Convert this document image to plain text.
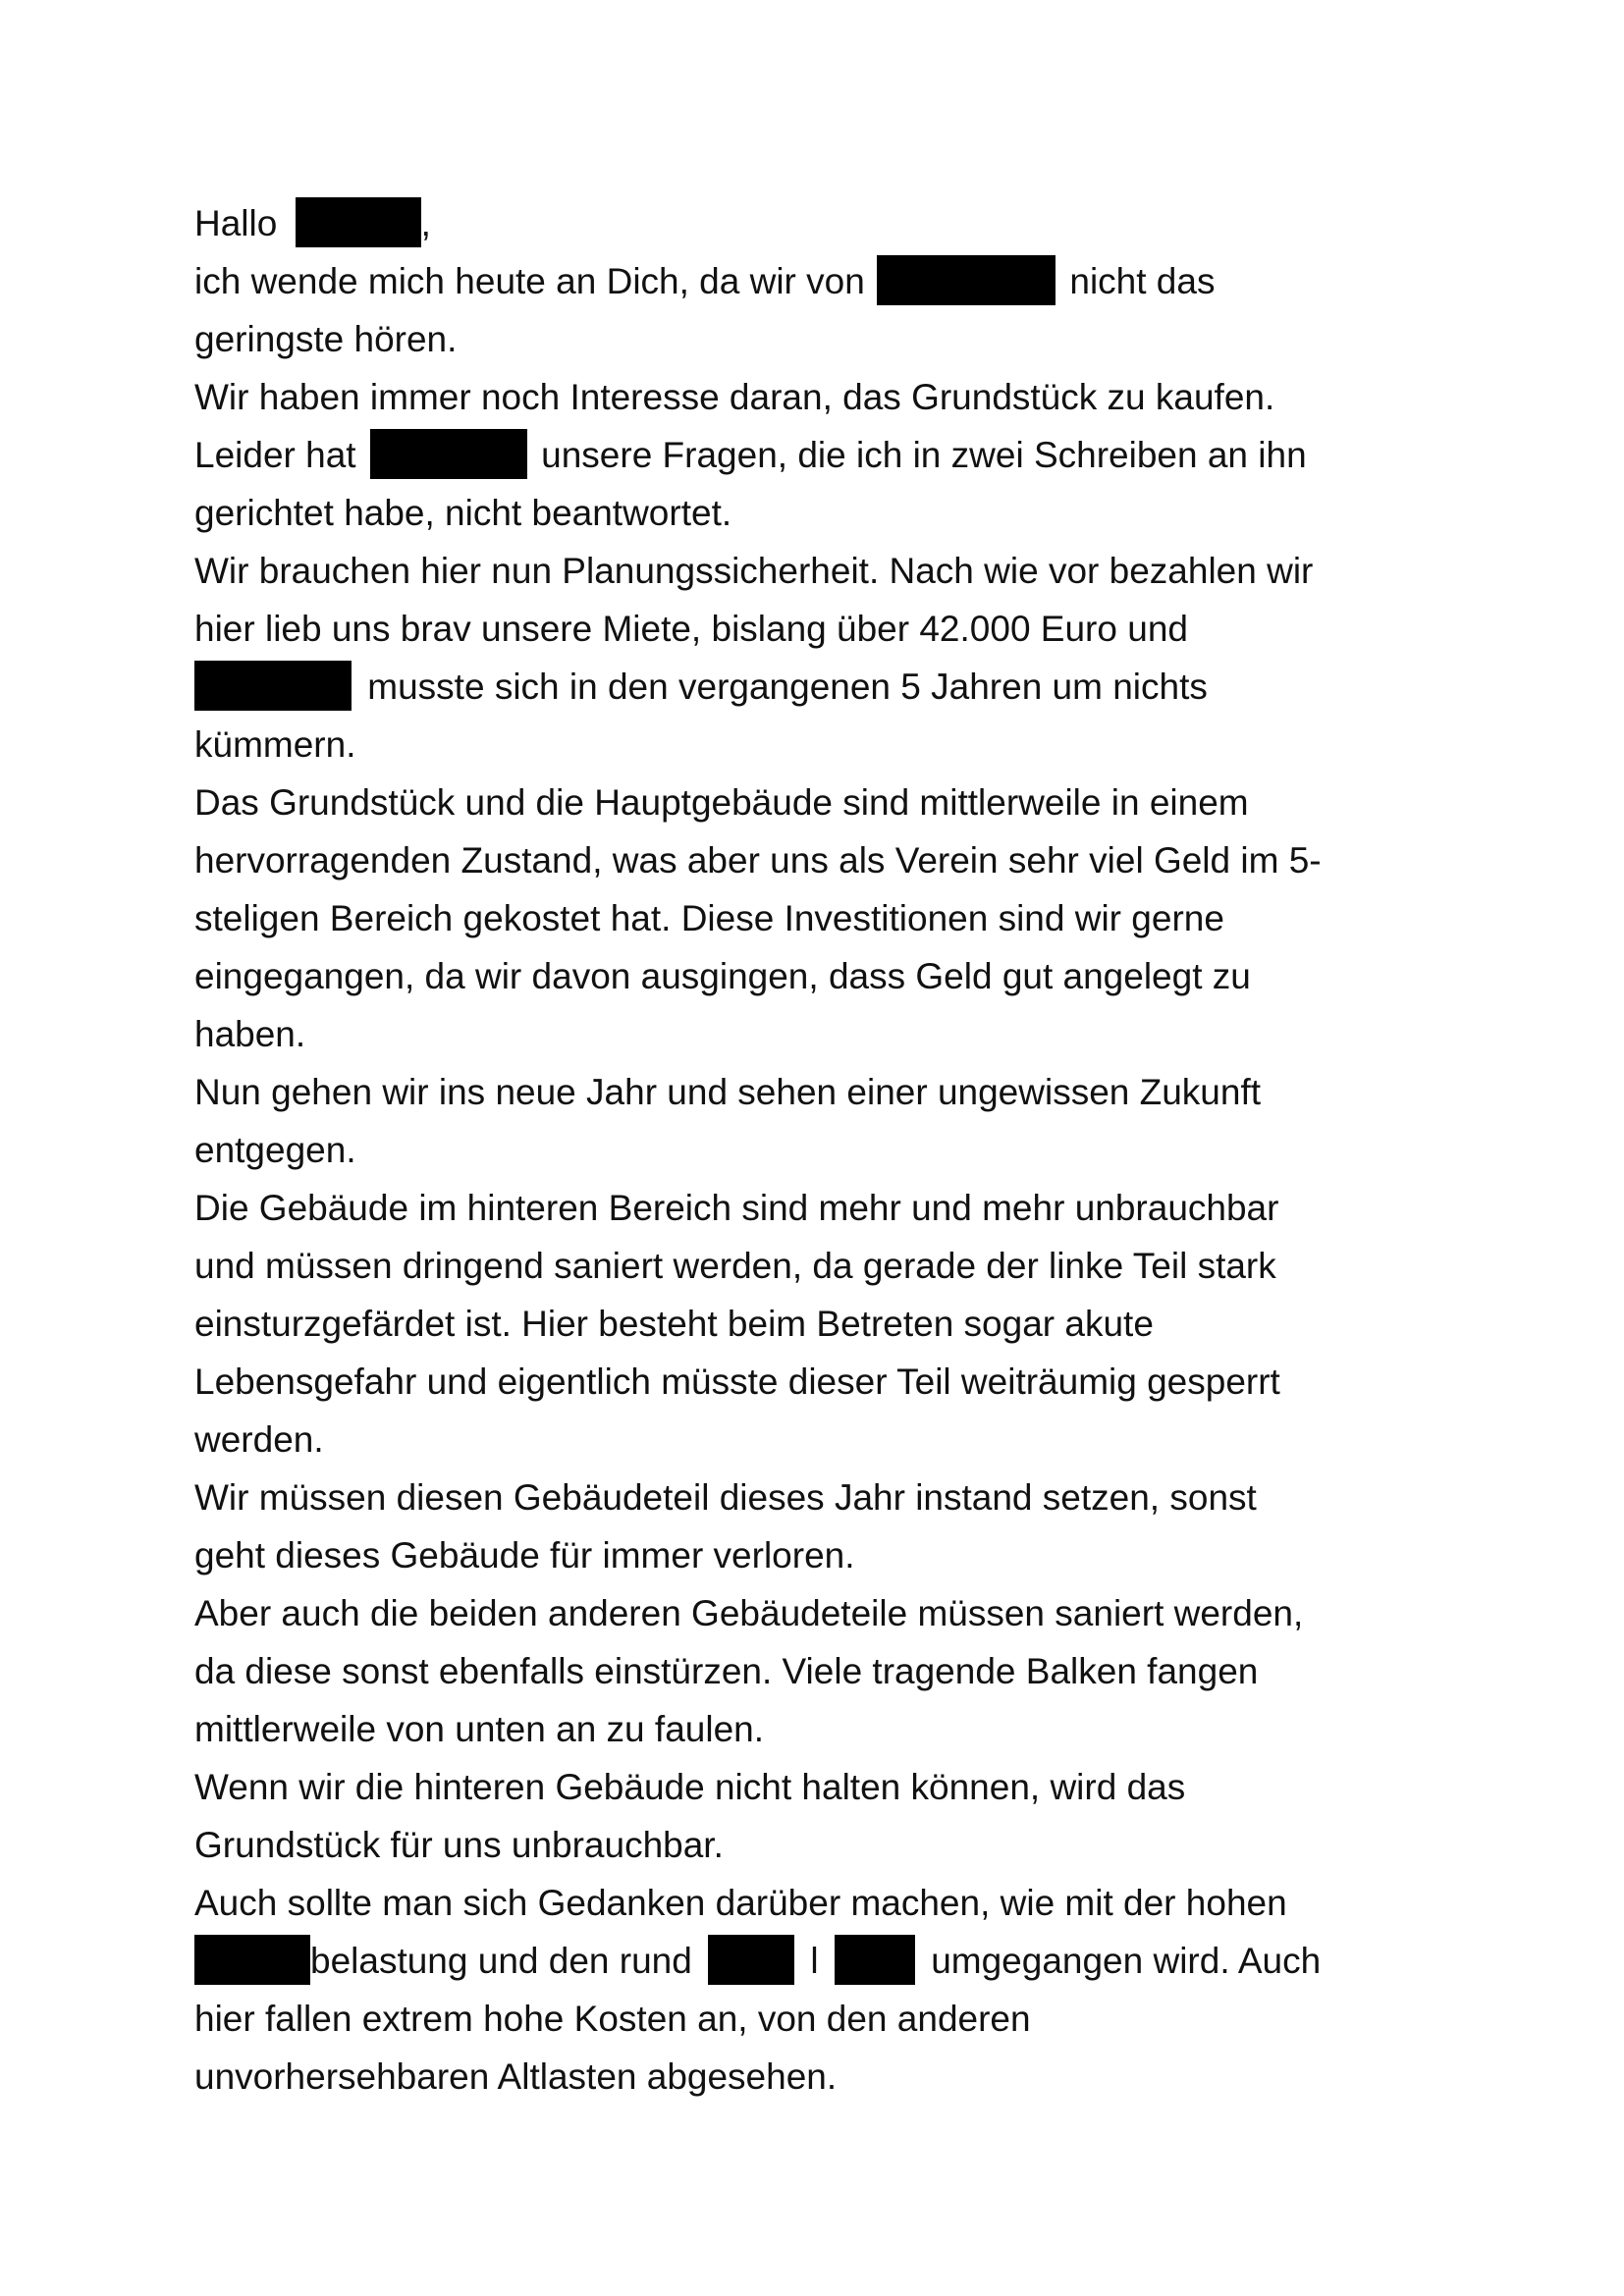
Hallo	,
ich wende mich heute an Dich, da wir von	nicht das
geringste hören.
Wir haben immer noch Interesse daran, das Grundstück zu kaufen.
Leider hat	unsere Fragen, die ich in zwei Schreiben an ihn
gerichtet habe, nicht beantwortet.
Wir brauchen hier nun Planungssicherheit. Nach wie vor bezahlen wir
hier lieb uns brav unsere Miete, bislang über 42.000 Euro und
musste sich in den vergangenen 5 Jahren um nichts
kümmern.
Das Grundstück und die Hauptgebäude sind mittlerweile in einem
hervorragenden Zustand, was aber uns als Verein sehr viel Geld im 5-
steligen Bereich gekostet hat. Diese Investitionen sind wir gerne
eingegangen, da wir davon ausgingen, dass Geld gut angelegt zu
haben.
Nun gehen wir ins neue Jahr und sehen einer ungewissen Zukunft
entgegen.
Die Gebäude im hinteren Bereich sind mehr und mehr unbrauchbar
und müssen dringend saniert werden, da gerade der linke Teil stark
einsturzgefärdet ist. Hier besteht beim Betreten sogar akute
Lebensgefahr und eigentlich müsste dieser Teil weiträumig gesperrt
werden.
Wir müssen diesen Gebäudeteil dieses Jahr instand setzen, sonst
geht dieses Gebäude für immer verloren.
Aber auch die beiden anderen Gebäudeteile müssen saniert werden,
da diese sonst ebenfalls einstürzen. Viele tragende Balken fangen
mittlerweile von unten an zu faulen.
Wenn wir die hinteren Gebäude nicht halten können, wird das
Grundstück für uns unbrauchbar.
Auch sollte man sich Gedanken darüber machen, wie mit der hohen
belastung und den rund	l	umgegangen wird. Auch
hier fallen extrem hohe Kosten an, von den anderen
unvorhersehbaren Altlasten abgesehen.
